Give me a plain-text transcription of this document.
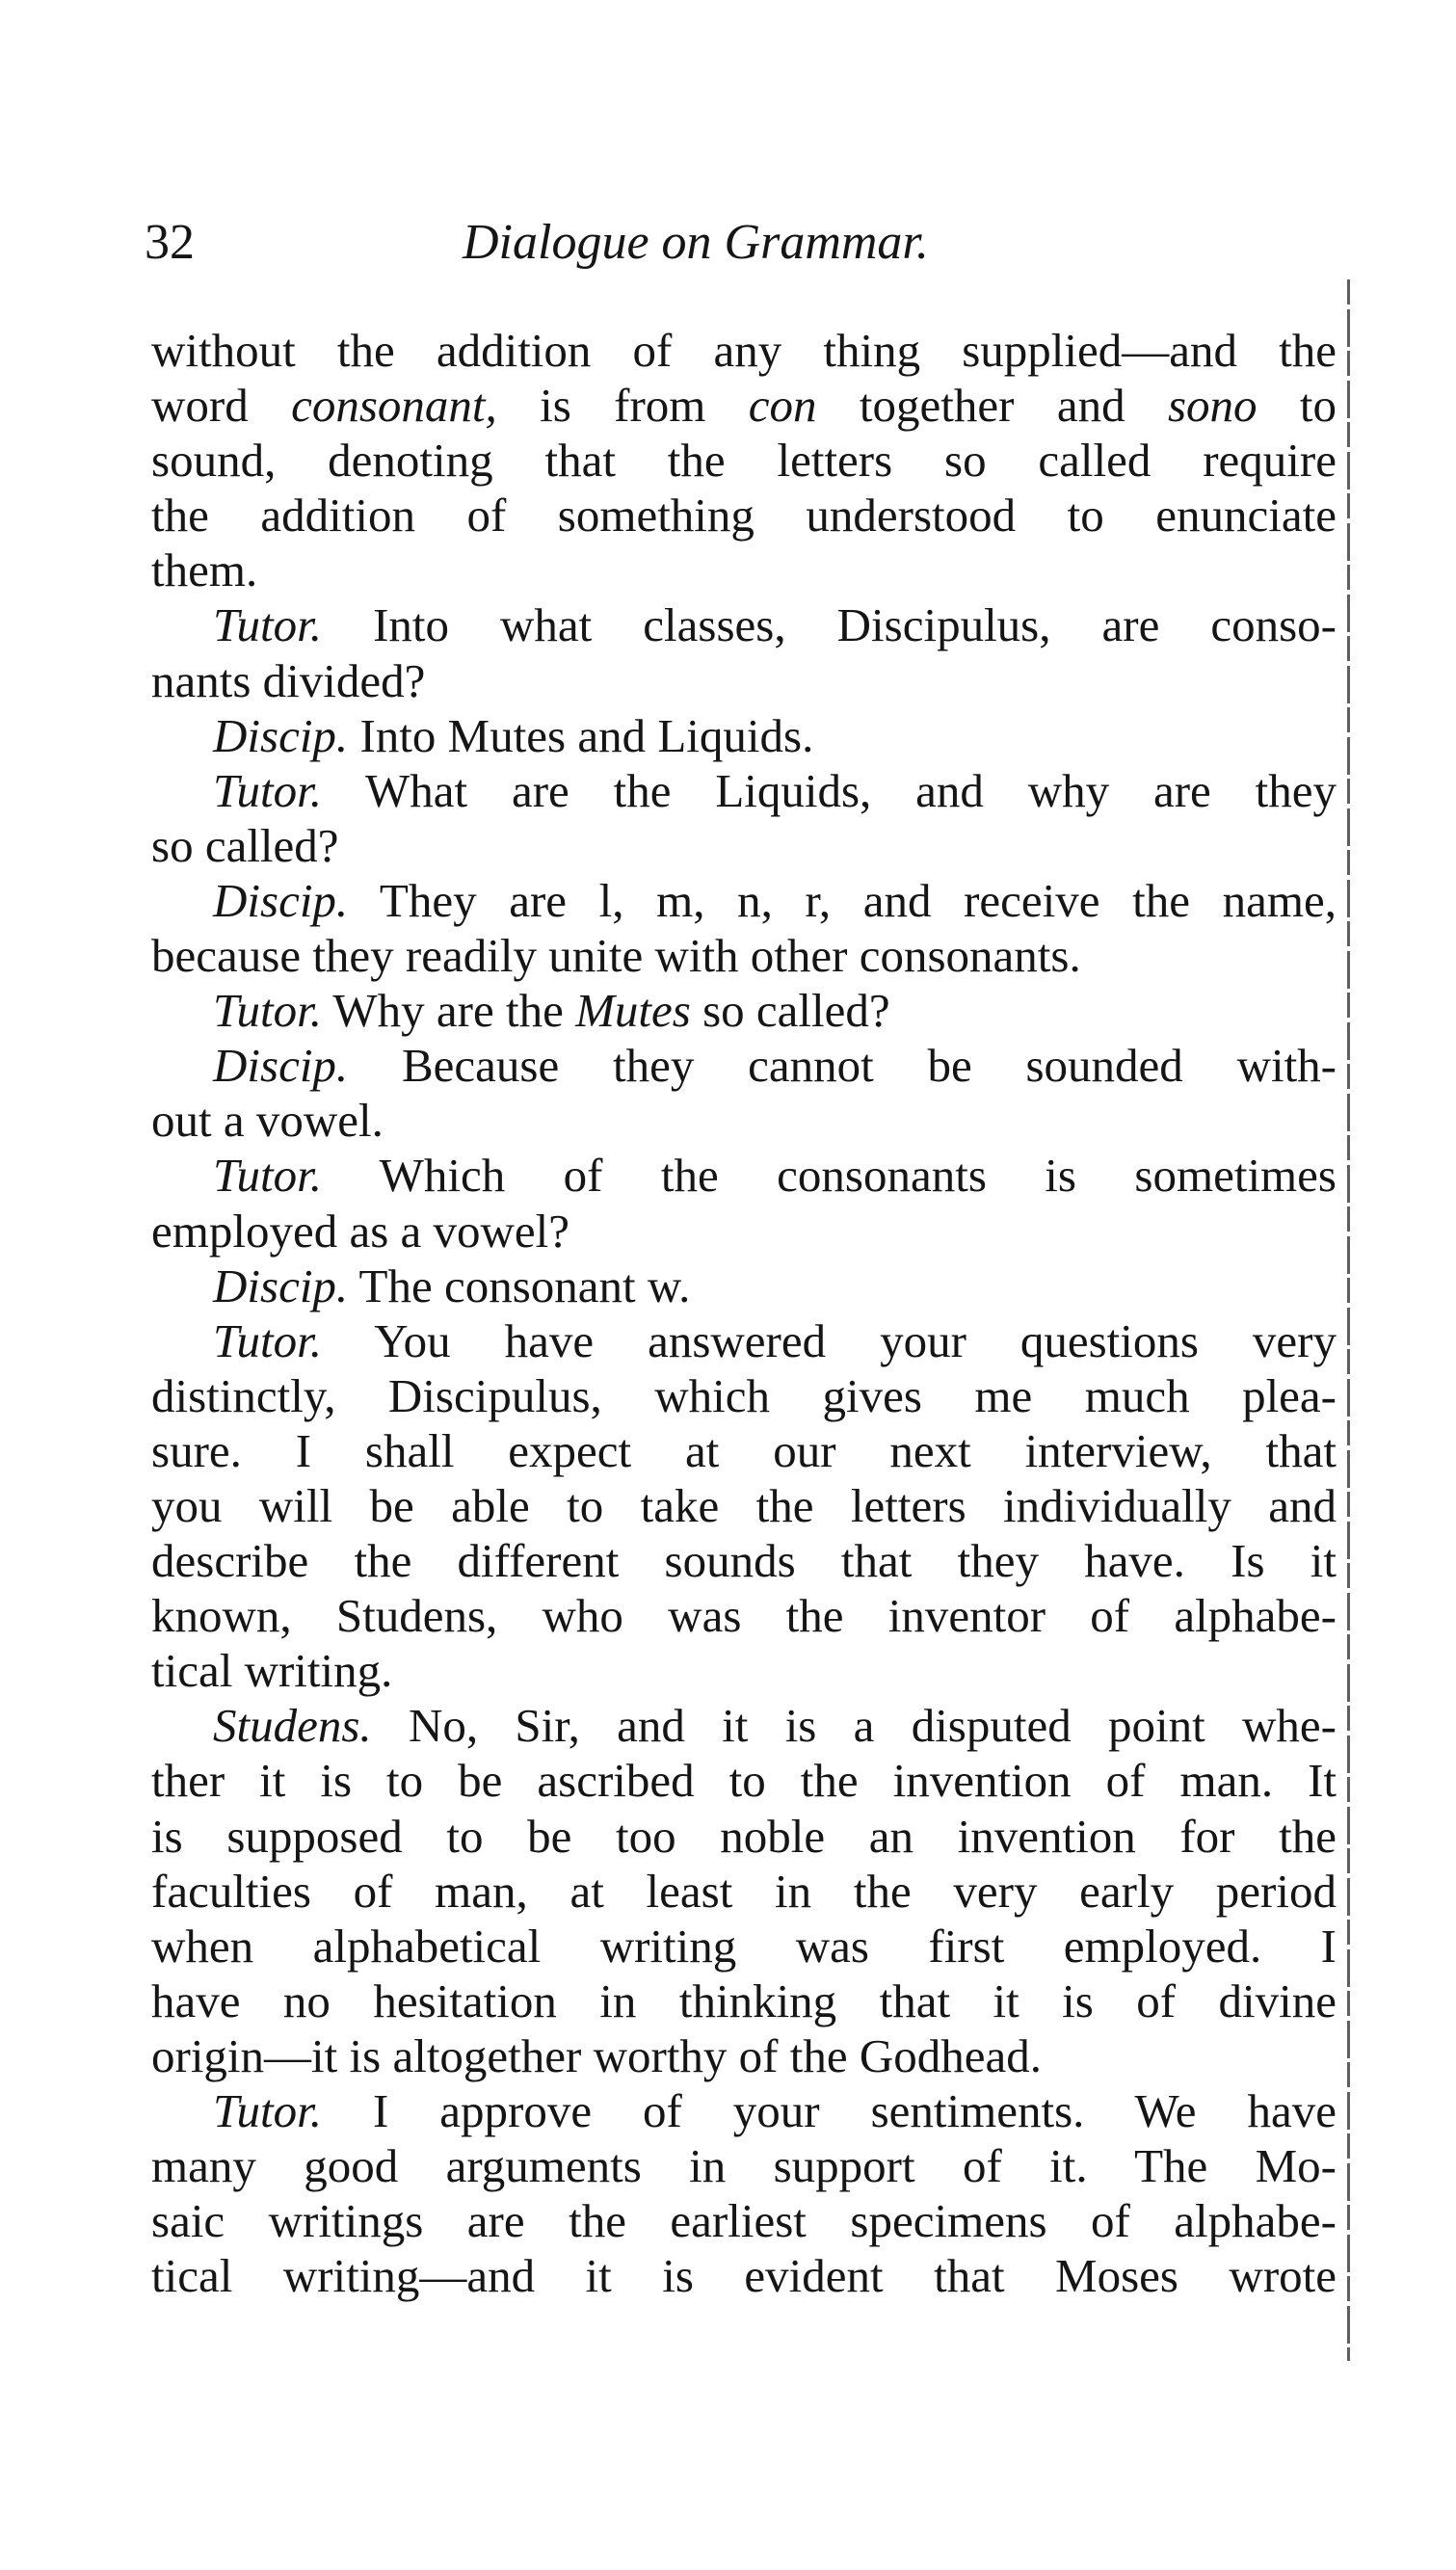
32	Dialogue on Grammar.
without the addition of any thing supplied—and the
word consonant, is from con together and sono to
sound, denoting that the letters so called require
the addition of something understood to enunciate
them.
Tutor. Into what classes, Discipulus, are conso-
nants divided?
Discip. Into Mutes and Liquids.
Tutor. What are the Liquids, and why are they
so called?
Discip. They are l, m, n, r, and receive the name,
because they readily unite with other consonants.
Tutor. Why are the Mutes so called?
Discip. Because they cannot be sounded with-
out a vowel.
Tutor. Which of the consonants is sometimes
employed as a vowel?
Discip. The consonant w.
Tutor. You have answered your questions very
distinctly, Discipulus, which gives me much plea-
sure. I shall expect at our next interview, that
you will be able to take the letters individually and
describe the different sounds that they have. Is it
known, Studens, who was the inventor of alphabe-
tical writing.
Studens. No, Sir, and it is a disputed point whe-
ther it is to be ascribed to the invention of man. It
is supposed to be too noble an invention for the
faculties of man, at least in the very early period
when alphabetical writing was first employed. I
have no hesitation in thinking that it is of divine
origin—it is altogether worthy of the Godhead.
Tutor. I approve of your sentiments. We have
many good arguments in support of it. The Mo-
saic writings are the earliest specimens of alphabe-
tical writing—and it is evident that Moses wrote
